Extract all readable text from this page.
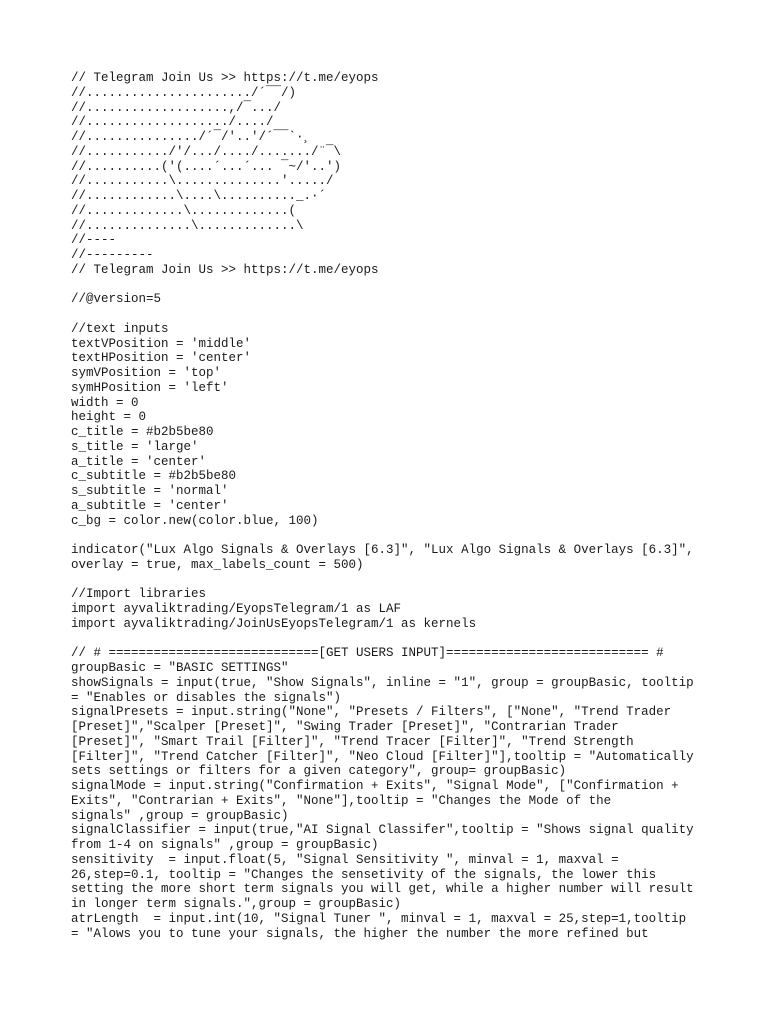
// Telegram Join Us >> https://t.me/eyops
//....................../´¯¯/)
//...................,/¯.../
//.................../..../
//.............../´¯/'..'/´¯¯`·¸
//.........../'/.../..../......./¨¯\
//..........('(....´...´... ¯~/'..')
//...........\..............'...../
//............\....\.........._.·´
//.............\.............(
//..............\.............\
//----
//---------
// Telegram Join Us >> https://t.me/eyops
//@version=5
//text inputs
textVPosition = 'middle'
textHPosition = 'center'
symVPosition = 'top'
symHPosition = 'left'
width = 0
height = 0
c_title = #b2b5be80
s_title = 'large'
a_title = 'center'
c_subtitle = #b2b5be80
s_subtitle = 'normal'
a_subtitle = 'center'
c_bg = color.new(color.blue, 100)
indicator("Lux Algo Signals & Overlays [6.3]", "Lux Algo Signals & Overlays [6.3]",
overlay = true, max_labels_count = 500)
//Import libraries
import ayvaliktrading/EyopsTelegram/1 as LAF
import ayvaliktrading/JoinUsEyopsTelegram/1 as kernels
// # ============================[GET USERS INPUT]=========================== #
groupBasic = "BASIC SETTINGS"
showSignals = input(true, "Show Signals", inline = "1", group = groupBasic, tooltip
= "Enables or disables the signals")
signalPresets = input.string("None", "Presets / Filters", ["None", "Trend Trader
[Preset]","Scalper [Preset]", "Swing Trader [Preset]", "Contrarian Trader
[Preset]", "Smart Trail [Filter]", "Trend Tracer [Filter]", "Trend Strength
[Filter]", "Trend Catcher [Filter]", "Neo Cloud [Filter]"],tooltip = "Automatically
sets settings or filters for a given category", group= groupBasic)
signalMode = input.string("Confirmation + Exits", "Signal Mode", ["Confirmation +
Exits", "Contrarian + Exits", "None"],tooltip = "Changes the Mode of the
signals" ,group = groupBasic)
signalClassifier = input(true,"AI Signal Classifer",tooltip = "Shows signal quality
from 1-4 on signals" ,group = groupBasic)
sensitivity  = input.float(5, "Signal Sensitivity ", minval = 1, maxval =
26,step=0.1, tooltip = "Changes the sensetivity of the signals, the lower this
setting the more short term signals you will get, while a higher number will result
in longer term signals.",group = groupBasic)
atrLength  = input.int(10, "Signal Tuner ", minval = 1, maxval = 25,step=1,tooltip
= "Alows you to tune your signals, the higher the number the more refined but
